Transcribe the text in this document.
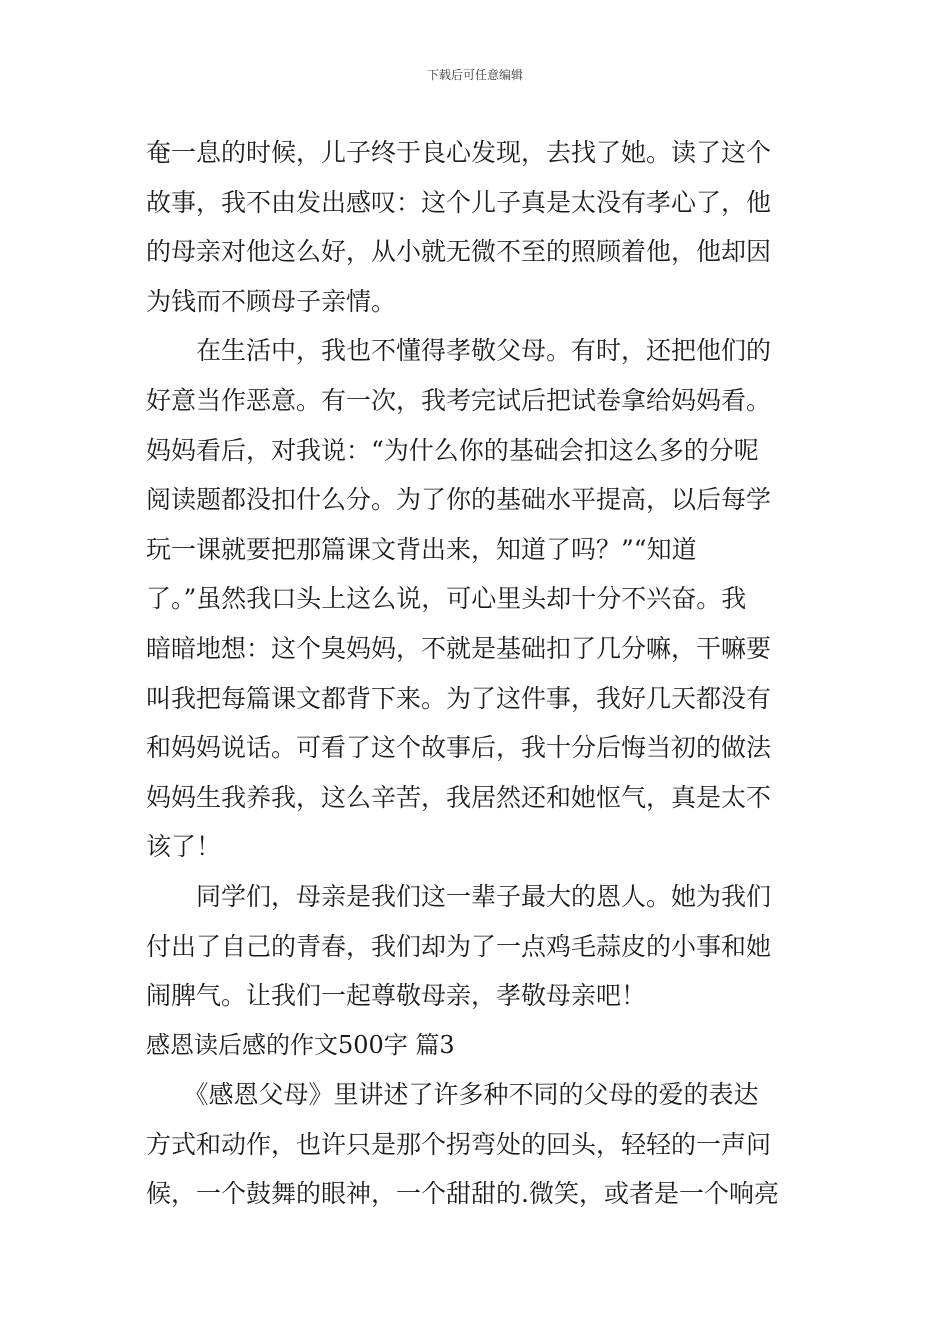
下载后可任意编辑
奄一息的时候，儿子终于良心发现，去找了她。读了这个
故事，我不由发出感叹：这个儿子真是太没有孝心了，他
的母亲对他这么好，从小就无微不至的照顾着他，他却因
为钱而不顾母子亲情。
　　在生活中，我也不懂得孝敬父母。有时，还把他们的
好意当作恶意。有一次，我考完试后把试卷拿给妈妈看。
妈妈看后，对我说：“为什么你的基础会扣这么多的分呢
阅读题都没扣什么分。为了你的基础水平提高，以后每学
玩一课就要把那篇课文背出来，知道了吗？”“知道
了。”虽然我口头上这么说，可心里头却十分不兴奋。我
暗暗地想：这个臭妈妈，不就是基础扣了几分嘛，干嘛要
叫我把每篇课文都背下来。为了这件事，我好几天都没有
和妈妈说话。可看了这个故事后，我十分后悔当初的做法
妈妈生我养我，这么辛苦，我居然还和她怄气，真是太不
该了！
　　同学们，母亲是我们这一辈子最大的恩人。她为我们
付出了自己的青春，我们却为了一点鸡毛蒜皮的小事和她
闹脾气。让我们一起尊敬母亲，孝敬母亲吧！
感恩读后感的作文500字 篇3
　　《感恩父母》里讲述了许多种不同的父母的爱的表达
方式和动作，也许只是那个拐弯处的回头，轻轻的一声问
候，一个鼓舞的眼神，一个甜甜的.微笑，或者是一个响亮
